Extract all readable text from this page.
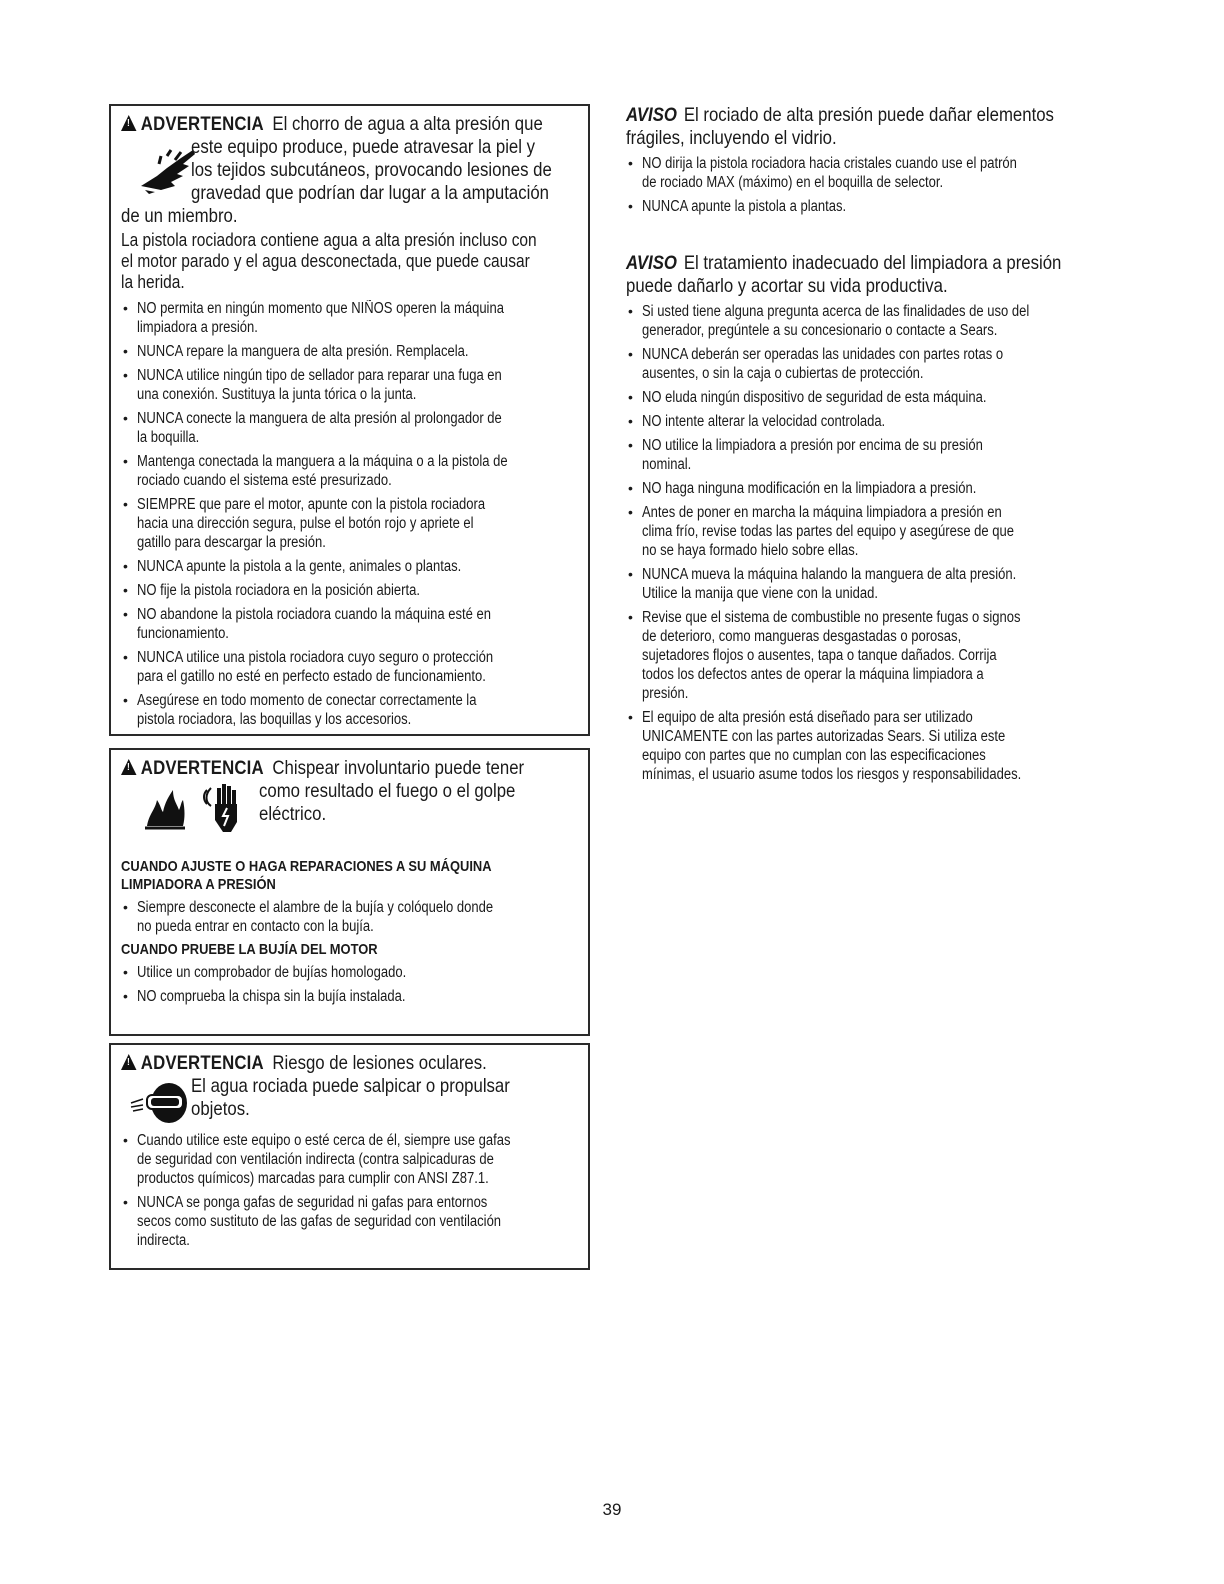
! ADVERTENCIA El chorro de agua a alta presión que
este equipo produce, puede atravesar la piel y
los tejidos subcutáneos, provocando lesiones de
gravedad que podrían dar lugar a la amputación
de un miembro.
La pistola rociadora contiene agua a alta presión incluso con
el motor parado y el agua desconectada, que puede causar
la herida.
• NO permita en ningún momento que NIÑOS operen la máquina
limpiadora a presión.
• NUNCA repare la manguera de alta presión. Remplacela.
• NUNCA utilice ningún tipo de sellador para reparar una fuga en
una conexión. Sustituya la junta tórica o la junta.
• NUNCA conecte la manguera de alta presión al prolongador de
la boquilla.
• Mantenga conectada la manguera a la máquina o a la pistola de
rociado cuando el sistema esté presurizado.
• SIEMPRE que pare el motor, apunte con la pistola rociadora
hacia una dirección segura, pulse el botón rojo y apriete el
gatillo para descargar la presión.
• NUNCA apunte la pistola a la gente, animales o plantas.
• NO fije la pistola rociadora en la posición abierta.
• NO abandone la pistola rociadora cuando la máquina esté en
funcionamiento.
• NUNCA utilice una pistola rociadora cuyo seguro o protección
para el gatillo no esté en perfecto estado de funcionamiento.
• Asegúrese en todo momento de conectar correctamente la
pistola rociadora, las boquillas y los accesorios.
! ADVERTENCIA Chispear involuntario puede tener
como resultado el fuego o el golpe
eléctrico.
CUANDO AJUSTE O HAGA REPARACIONES A SU MÁQUINA
LIMPIADORA A PRESIÓN
• Siempre desconecte el alambre de la bujía y colóquelo donde
no pueda entrar en contacto con la bujía.
CUANDO PRUEBE LA BUJÍA DEL MOTOR
• Utilice un comprobador de bujías homologado.
• NO comprueba la chispa sin la bujía instalada.
! ADVERTENCIA Riesgo de lesiones oculares.
El agua rociada puede salpicar o propulsar
objetos.
• Cuando utilice este equipo o esté cerca de él, siempre use gafas
de seguridad con ventilación indirecta (contra salpicaduras de
productos químicos) marcadas para cumplir con ANSI Z87.1.
• NUNCA se ponga gafas de seguridad ni gafas para entornos
secos como sustituto de las gafas de seguridad con ventilación
indirecta.
AVISO El rociado de alta presión puede dañar elementos
frágiles, incluyendo el vidrio.
• NO dirija la pistola rociadora hacia cristales cuando use el patrón
de rociado MAX (máximo) en el boquilla de selector.
• NUNCA apunte la pistola a plantas.
AVISO El tratamiento inadecuado del limpiadora a presión
puede dañarlo y acortar su vida productiva.
• Si usted tiene alguna pregunta acerca de las finalidades de uso del
generador, pregúntele a su concesionario o contacte a Sears.
• NUNCA deberán ser operadas las unidades con partes rotas o
ausentes, o sin la caja o cubiertas de protección.
• NO eluda ningún dispositivo de seguridad de esta máquina.
• NO intente alterar la velocidad controlada.
• NO utilice la limpiadora a presión por encima de su presión
nominal.
• NO haga ninguna modificación en la limpiadora a presión.
• Antes de poner en marcha la máquina limpiadora a presión en
clima frío, revise todas las partes del equipo y asegúrese de que
no se haya formado hielo sobre ellas.
• NUNCA mueva la máquina halando la manguera de alta presión.
Utilice la manija que viene con la unidad.
• Revise que el sistema de combustible no presente fugas o signos
de deterioro, como mangueras desgastadas o porosas,
sujetadores flojos o ausentes, tapa o tanque dañados. Corrija
todos los defectos antes de operar la máquina limpiadora a
presión.
• El equipo de alta presión está diseñado para ser utilizado
UNICAMENTE con las partes autorizadas Sears. Si utiliza este
equipo con partes que no cumplan con las especificaciones
mínimas, el usuario asume todos los riesgos y responsabilidades.
39
